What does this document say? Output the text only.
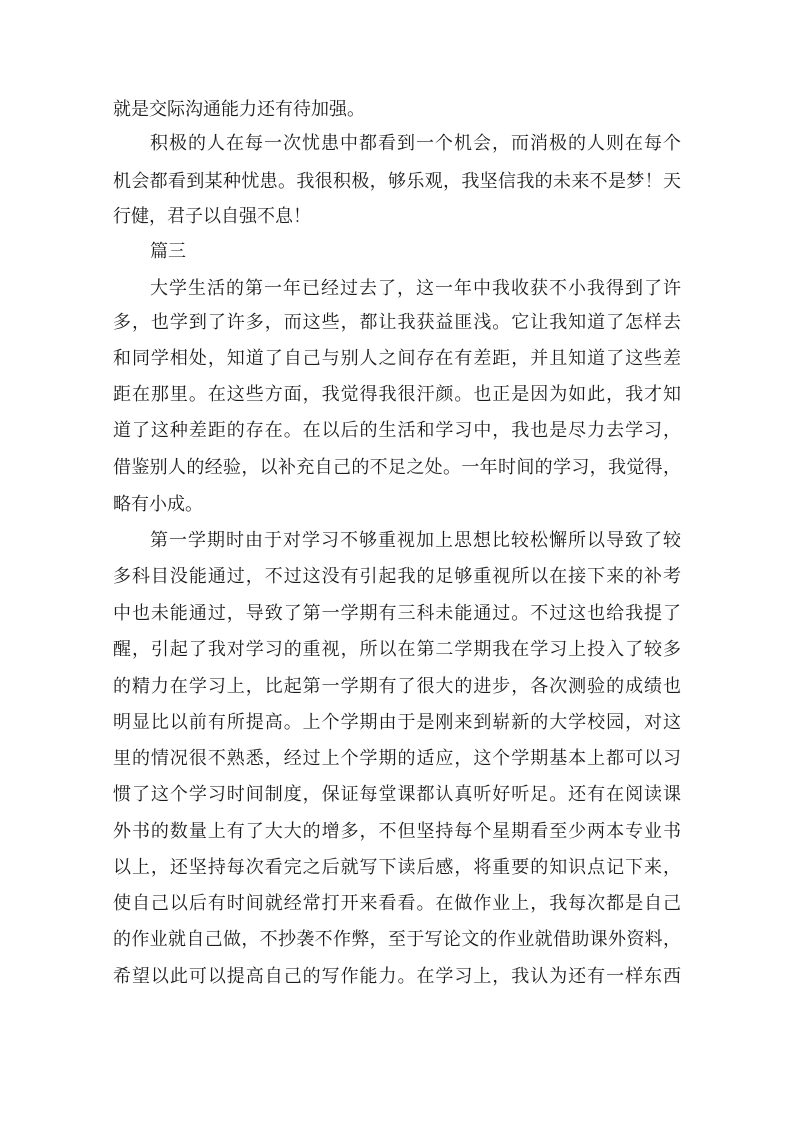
就是交际沟通能力还有待加强。
积极的人在每一次忧患中都看到一个机会，而消极的人则在每个
机会都看到某种忧患。我很积极，够乐观，我坚信我的未来不是梦！天
行健，君子以自强不息！
篇三
大学生活的第一年已经过去了，这一年中我收获不小我得到了许
多，也学到了许多，而这些，都让我获益匪浅。它让我知道了怎样去
和同学相处，知道了自己与别人之间存在有差距，并且知道了这些差
距在那里。在这些方面，我觉得我很汗颜。也正是因为如此，我才知
道了这种差距的存在。在以后的生活和学习中，我也是尽力去学习，
借鉴别人的经验，以补充自己的不足之处。一年时间的学习，我觉得，
略有小成。
第一学期时由于对学习不够重视加上思想比较松懈所以导致了较
多科目没能通过，不过这没有引起我的足够重视所以在接下来的补考
中也未能通过，导致了第一学期有三科未能通过。不过这也给我提了
醒，引起了我对学习的重视，所以在第二学期我在学习上投入了较多
的精力在学习上，比起第一学期有了很大的进步，各次测验的成绩也
明显比以前有所提高。上个学期由于是刚来到崭新的大学校园，对这
里的情况很不熟悉，经过上个学期的适应，这个学期基本上都可以习
惯了这个学习时间制度，保证每堂课都认真听好听足。还有在阅读课
外书的数量上有了大大的增多，不但坚持每个星期看至少两本专业书
以上，还坚持每次看完之后就写下读后感，将重要的知识点记下来，
使自己以后有时间就经常打开来看看。在做作业上，我每次都是自己
的作业就自己做，不抄袭不作弊，至于写论文的作业就借助课外资料，
希望以此可以提高自己的写作能力。在学习上，我认为还有一样东西
